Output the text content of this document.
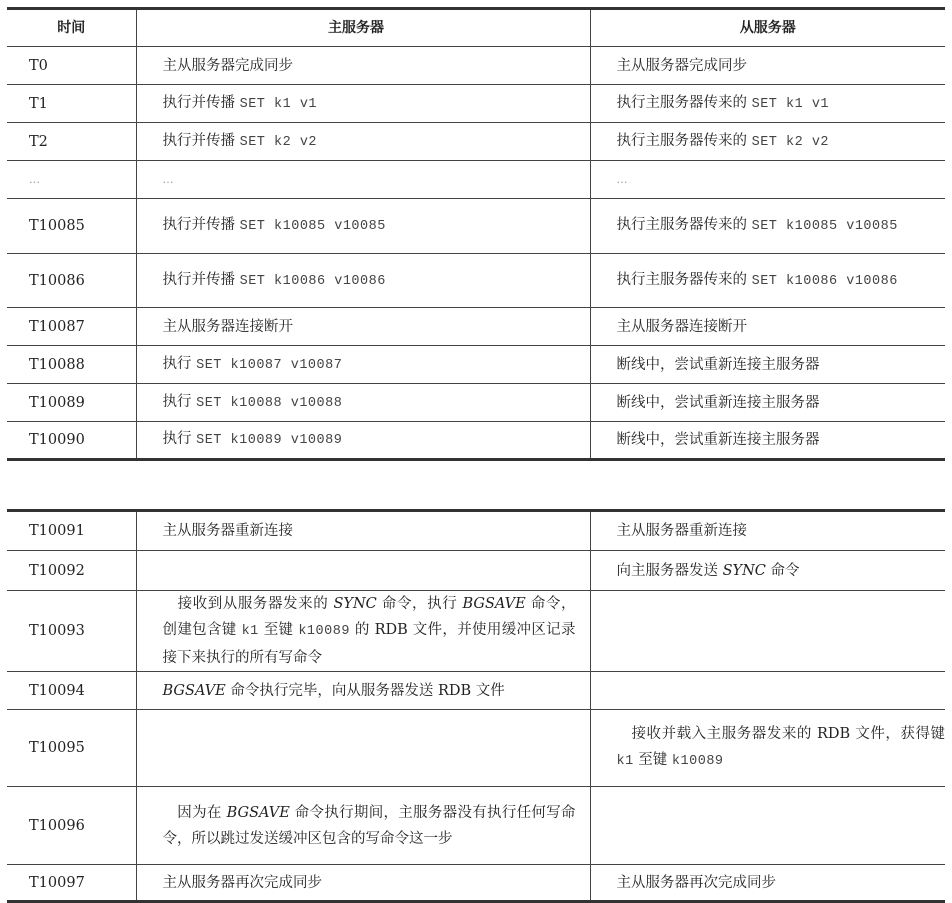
时间	主服务器	从服务器
T0	主从服务器完成同步	主从服务器完成同步
T1	执行并传播 SET k1 v1	执行主服务器传来的 SET k1 v1
T2	执行并传播 SET k2 v2	执行主服务器传来的 SET k2 v2
…	…	…
T10085	执行并传播 SET k10085 v10085	执行主服务器传来的 SET k10085 v10085
T10086	执行并传播 SET k10086 v10086	执行主服务器传来的 SET k10086 v10086
T10087	主从服务器连接断开	主从服务器连接断开
T10088	执行 SET k10087 v10087	断线中，尝试重新连接主服务器
T10089	执行 SET k10088 v10088	断线中，尝试重新连接主服务器
T10090	执行 SET k10089 v10089	断线中，尝试重新连接主服务器
T10091	主从服务器重新连接	主从服务器重新连接
T10092		向主服务器发送 SYNC 命令
T10093	　接收到从服务器发来的 SYNC 命令，执行 BGSAVE 命令，创建包含键 k1 至键 k10089 的 RDB 文件，并使用缓冲区记录接下来执行的所有写命令	
T10094	BGSAVE 命令执行完毕，向从服务器发送 RDB 文件	
T10095		　接收并载入主服务器发来的 RDB 文件，获得键 k1 至键 k10089
T10096	　因为在 BGSAVE 命令执行期间，主服务器没有执行任何写命令，所以跳过发送缓冲区包含的写命令这一步	
T10097	主从服务器再次完成同步	主从服务器再次完成同步
